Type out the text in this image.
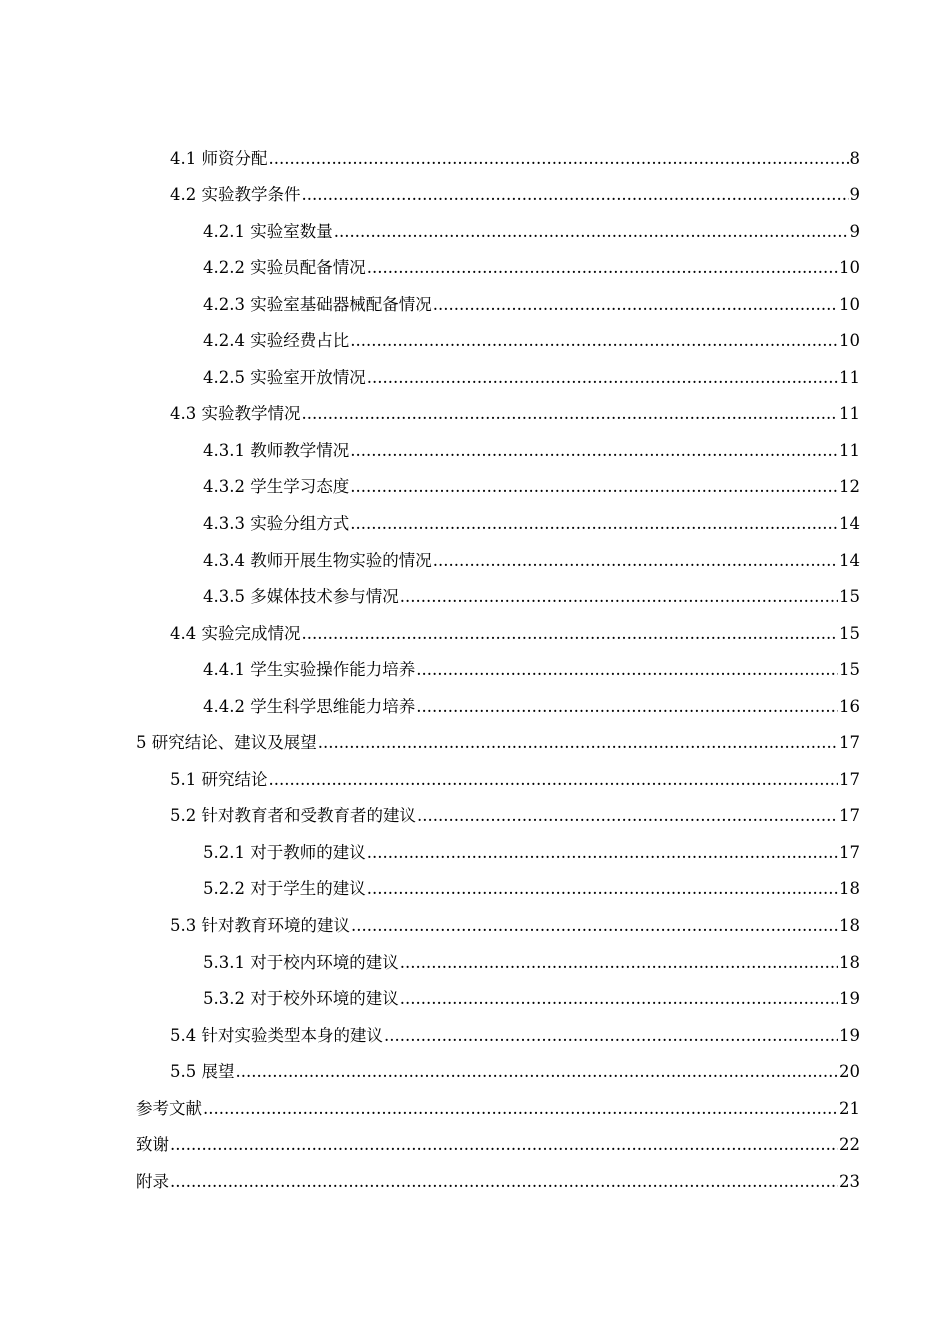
4.1 师资分配 .....	8
4.2 实验教学条件 .....	9
4.2.1 实验室数量 .....	9
4.2.2 实验员配备情况 .....	10
4.2.3 实验室基础器械配备情况 .....	10
4.2.4 实验经费占比 .....	10
4.2.5 实验室开放情况 .....	11
4.3 实验教学情况 .....	11
4.3.1 教师教学情况 .....	11
4.3.2 学生学习态度 .....	12
4.3.3 实验分组方式 .....	14
4.3.4 教师开展生物实验的情况 .....	14
4.3.5 多媒体技术参与情况 .....	15
4.4 实验完成情况 .....	15
4.4.1 学生实验操作能力培养 .....	15
4.4.2 学生科学思维能力培养 .....	16
5 研究结论、建议及展望 .....	17
5.1 研究结论 .....	17
5.2 针对教育者和受教育者的建议 .....	17
5.2.1 对于教师的建议 .....	17
5.2.2 对于学生的建议 .....	18
5.3 针对教育环境的建议 .....	18
5.3.1 对于校内环境的建议 .....	18
5.3.2 对于校外环境的建议 .....	19
5.4 针对实验类型本身的建议 .....	19
5.5 展望 .....	20
参考文献 .....	21
致谢 .....	22
附录 .....	23
